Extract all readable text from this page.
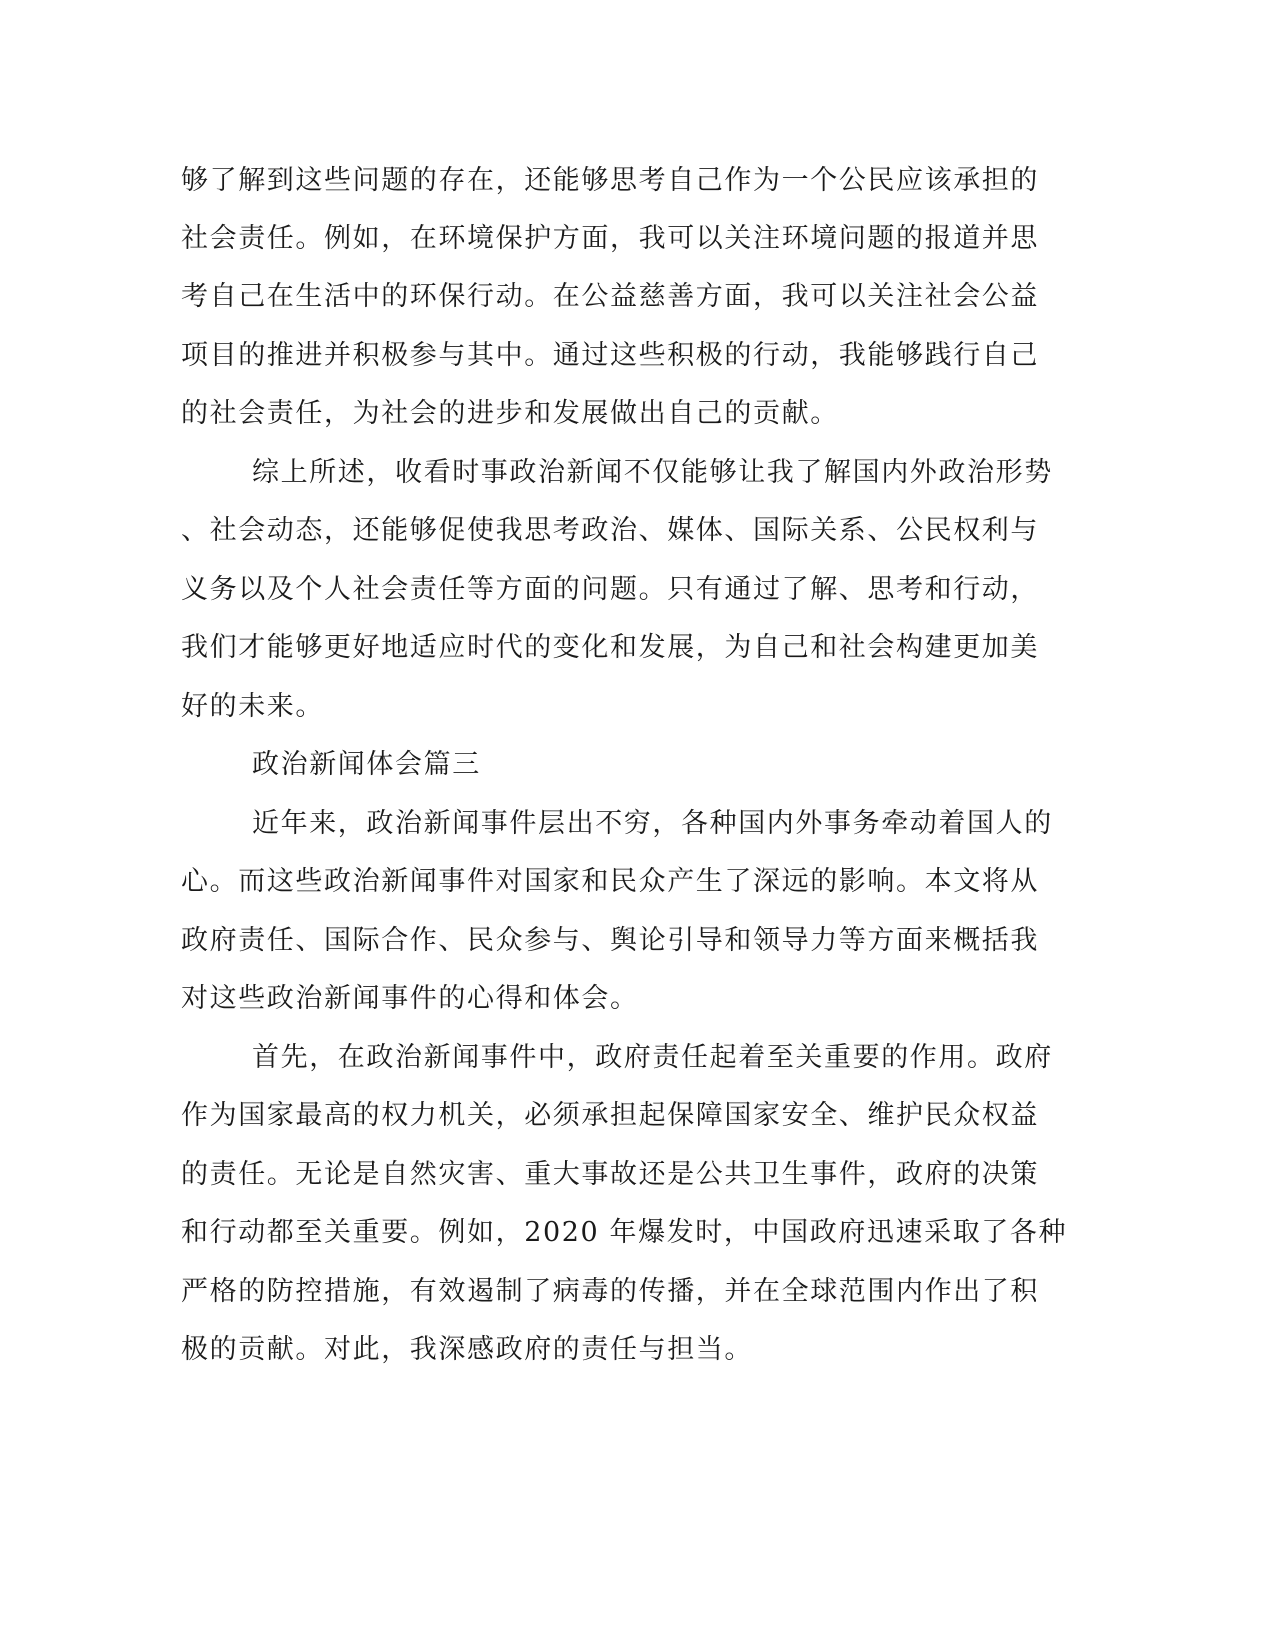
够了解到这些问题的存在，还能够思考自己作为一个公民应该承担的
社会责任。例如，在环境保护方面，我可以关注环境问题的报道并思
考自己在生活中的环保行动。在公益慈善方面，我可以关注社会公益
项目的推进并积极参与其中。通过这些积极的行动，我能够践行自己
的社会责任，为社会的进步和发展做出自己的贡献。
综上所述，收看时事政治新闻不仅能够让我了解国内外政治形势
、社会动态，还能够促使我思考政治、媒体、国际关系、公民权利与
义务以及个人社会责任等方面的问题。只有通过了解、思考和行动，
我们才能够更好地适应时代的变化和发展，为自己和社会构建更加美
好的未来。
政治新闻体会篇三
近年来，政治新闻事件层出不穷，各种国内外事务牵动着国人的
心。而这些政治新闻事件对国家和民众产生了深远的影响。本文将从
政府责任、国际合作、民众参与、舆论引导和领导力等方面来概括我
对这些政治新闻事件的心得和体会。
首先，在政治新闻事件中，政府责任起着至关重要的作用。政府
作为国家最高的权力机关，必须承担起保障国家安全、维护民众权益
的责任。无论是自然灾害、重大事故还是公共卫生事件，政府的决策
和行动都至关重要。例如，2020 年爆发时，中国政府迅速采取了各种
严格的防控措施，有效遏制了病毒的传播，并在全球范围内作出了积
极的贡献。对此，我深感政府的责任与担当。
